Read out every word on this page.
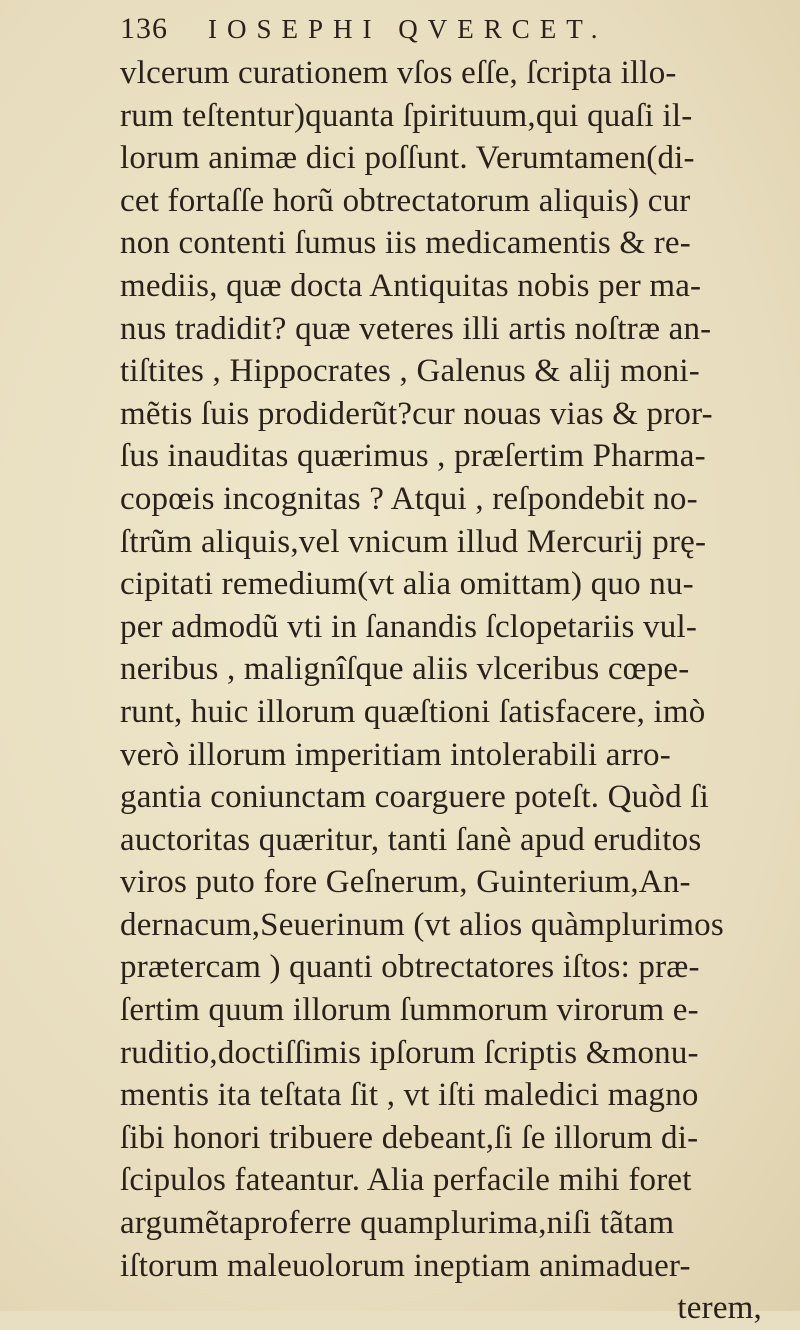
136 IOSEPHI QVERCET.
vlcerum curationem vſos eſſe, ſcripta illo-
rum teſtentur)quanta ſpirituum,qui quaſi il-
lorum animæ dici poſſunt. Verumtamen(di-
cet fortaſſe horũ obtrectatorum aliquis) cur
non contenti ſumus iis medicamentis & re-
mediis, quæ docta Antiquitas nobis per ma-
nus tradidit? quæ veteres illi artis noſtræ an-
tiſtites , Hippocrates , Galenus & alij moni-
mẽtis ſuis prodiderũt?cur nouas vias & pror-
ſus inauditas quærimus , præſertim Pharma-
copœis incognitas ? Atqui , reſpondebit no-
ſtrũm aliquis,vel vnicum illud Mercurij prę-
cipitati remedium(vt alia omittam) quo nu-
per admodũ vti in ſanandis ſclopetariis vul-
neribus , malignîſque aliis vlceribus cœpe-
runt, huic illorum quæſtioni ſatisfacere, imò
verò illorum imperitiam intolerabili arro-
gantia coniunctam coarguere poteſt. Quòd ſi
auctoritas quæritur, tanti ſanè apud eruditos
viros puto fore Geſnerum, Guinterium,An-
dernacum,Seuerinum (vt alios quàmplurimos
prætercam ) quanti obtrectatores iſtos: præ-
ſertim quum illorum ſummorum virorum e-
ruditio,doctiſſimis ipſorum ſcriptis &monu-
mentis ita teſtata ſit , vt iſti maledici magno
ſibi honori tribuere debeant,ſi ſe illorum di-
ſcipulos fateantur. Alia perfacile mihi foret
argumẽtaproferre quamplurima,niſi tãtam
iſtorum maleuolorum ineptiam animaduer-
terem,
